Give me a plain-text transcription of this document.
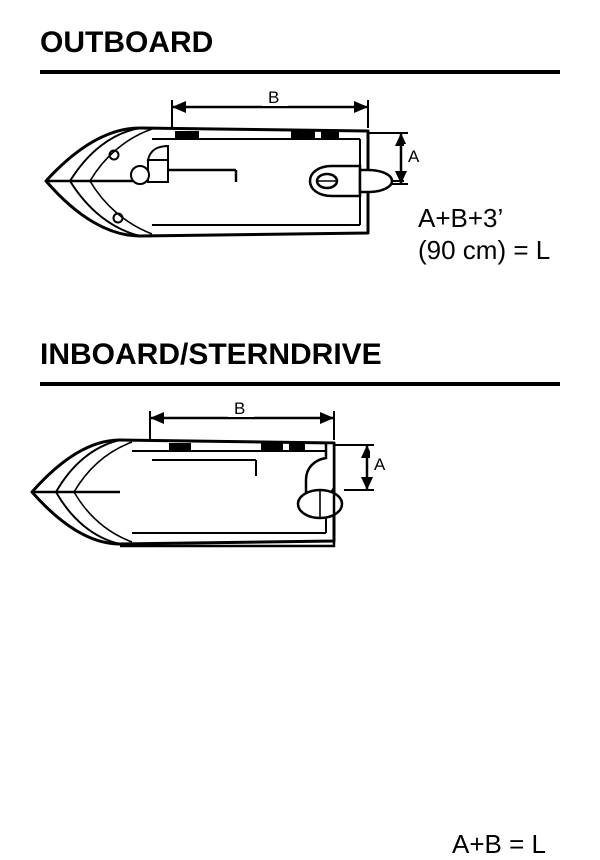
OUTBOARD
B
A
A+B+3’
(90 cm) = L
INBOARD/STERNDRIVE
B
A
A+B = L
